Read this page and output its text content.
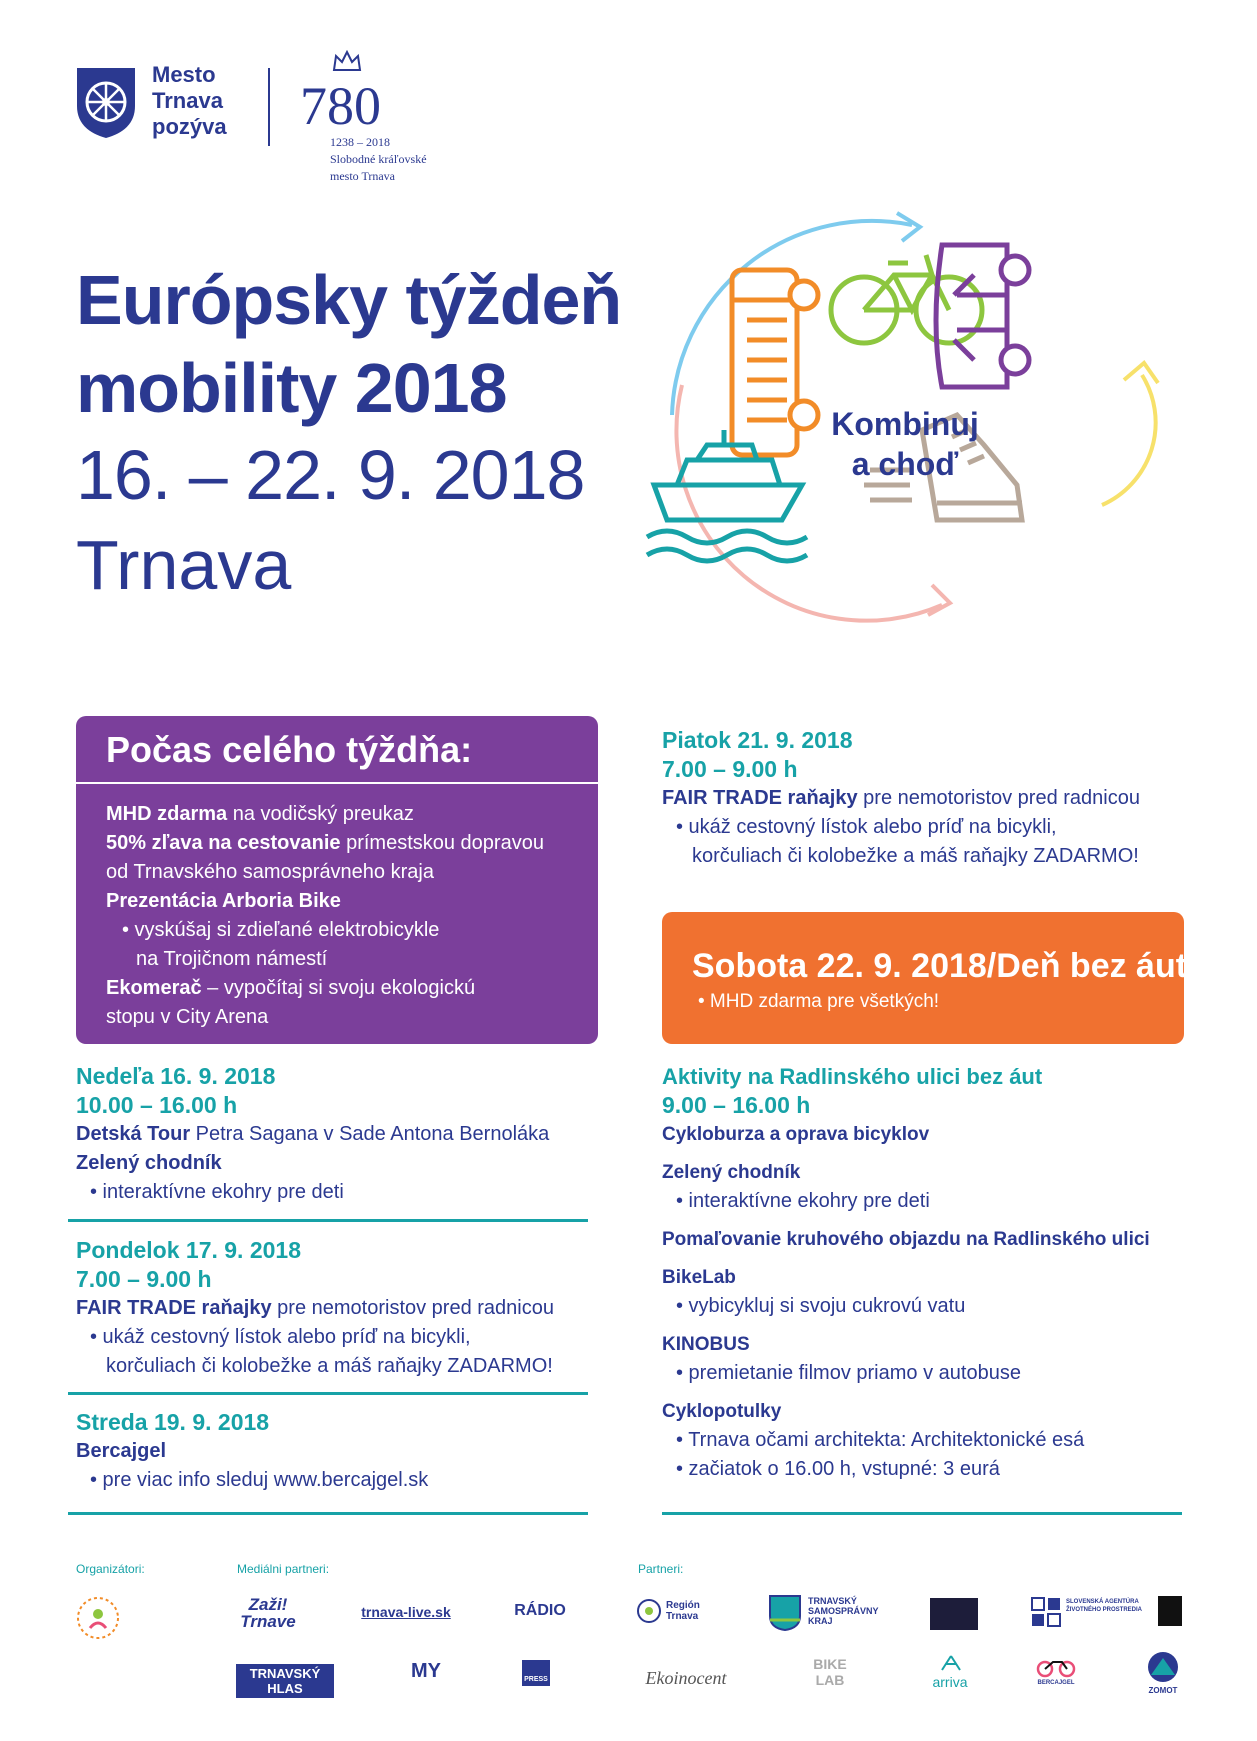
Mesto
Trnava
pozýva 780
1238 – 2018
Slobodné kráľovské
mesto Trnava
Európsky týždeň
mobility 2018
16. – 22. 9. 2018
Trnava
Kombinuj
a choď
Počas celého týždňa:
MHD zdarma na vodičský preukaz
50% zľava na cestovanie prímestskou dopravou
od Trnavského samosprávneho kraja
Prezentácia Arboria Bike
• vyskúšaj si zdieľané elektrobicykle
na Trojičnom námestí
Ekomerač – vypočítaj si svoju ekologickú
stopu v City Arena
Nedeľa 16. 9. 2018
10.00 – 16.00 h
Detská Tour Petra Sagana v Sade Antona Bernoláka
Zelený chodník
• interaktívne ekohry pre deti
Pondelok 17. 9. 2018
7.00 – 9.00 h
FAIR TRADE raňajky pre nemotoristov pred radnicou
• ukáž cestovný lístok alebo príď na bicykli,
korčuliach či kolobežke a máš raňajky ZADARMO!
Streda 19. 9. 2018
Bercajgel
• pre viac info sleduj www.bercajgel.sk
Piatok 21. 9. 2018
7.00 – 9.00 h
FAIR TRADE raňajky pre nemotoristov pred radnicou
• ukáž cestovný lístok alebo príď na bicykli,
korčuliach či kolobežke a máš raňajky ZADARMO!
Sobota 22. 9. 2018/Deň bez áut
• MHD zdarma pre všetkých!
Aktivity na Radlinského ulici bez áut
9.00 – 16.00 h
Cykloburza a oprava bicyklov
Zelený chodník
• interaktívne ekohry pre deti
Pomaľovanie kruhového objazdu na Radlinského ulici
BikeLab
• vybicykluj si svoju cukrovú vatu
KINOBUS
• premietanie filmov priamo v autobuse
Cyklopotulky
• Trnava očami architekta: Architektonické esá
• začiatok o 16.00 h, vstupné: 3 eurá
Organizátori:	Mediálni partneri:	Partneri:
Zaži! Trnave	trnava-live.sk	RÁDIO
TRNAVSKÝ HLAS
MY	PRESS
Región Trnava
TRNAVSKÝ SAMOSPRÁVNY KRAJ
SLOVENSKÁ AGENTÚRA ŽIVOTNÉHO PROSTREDIA
Ekoinocent
BIKE LAB	arriva	BERCAJGEL
ZOMOT
